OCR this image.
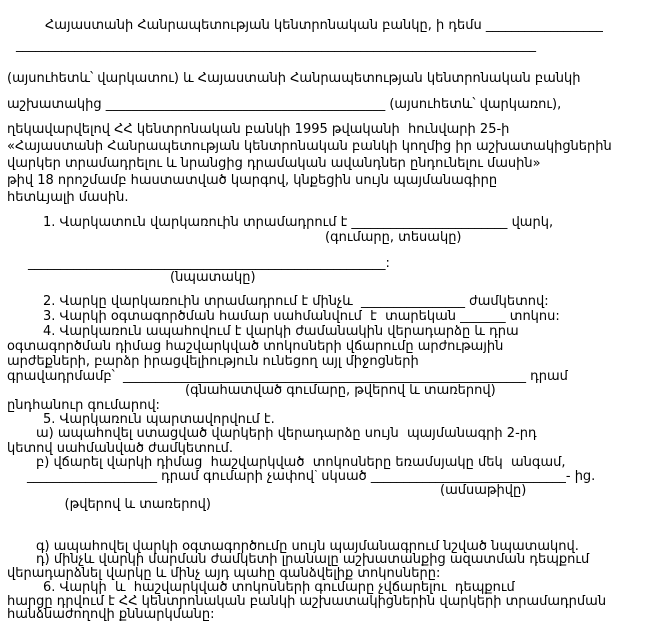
Հայաստանի Հանրապետության կենտրոնական բանկը, ի դեմս __________________
________________________________________________________________________________
(այսուհետև՝ վարկատու) և Հայաստանի Հանրապետության կենտրոնական բանկի
աշխատակից ___________________________________________ (այսուհետև՝ վարկառու),
ղեկավարվելով ՀՀ կենտրոնական բանկի 1995 թվականի  հունվարի 25-ի
«Հայաստանի Հանրապետության կենտրոնական բանկի կողմից իր աշխատակիցներին
վարկեր տրամադրելու և նրանցից դրամական ավանդներ ընդունելու մասին»
թիվ 18 որոշմամբ հաստատված կարգով, կնքեցին սույն պայմանագիրը
հետևյալի մասին.
1. Վարկատուն վարկառուին տրամադրում է ________________________ վարկ,
(գումարը, տեսակը)
_______________________________________________________:
(նպատակը)
2. Վարկը վարկառուին տրամադրում է մինչև  ________________ ժամկետով:
3. Վարկի օգտագործման համար սահմանվում  է  տարեկան _______ տոկոս:
4. Վարկառուն ապահովում է վարկի ժամանակին վերադարձը և դրա
օգտագործման դիմաց հաշվարկված տոկոսների վճարումը արժութային
արժեքների, բարձր իրացվելիություն ունեցող այլ միջոցների
գրավադրմամբ՝  ______________________________________________________________ դրամ
(գնահատված գումարը, թվերով և տառերով)
ընդհանուր գումարով:
5. Վարկառուն պարտավորվում է.
ա) ապահովել ստացված վարկերի վերադարձը սույն  պայմանագրի 2-րդ
կետով սահմանված ժամկետում.
բ) վճարել վարկի դիմաց  հաշվարկված  տոկոսները եռամսյակը մեկ  անգամ,
____________________ դրամ գումարի չափով՝ սկսած ______________________________- ից.

(թվերով և տառերով)

(ամսաթիվը)

գ) ապահովել վարկի օգտագործումը սույն պայմանագրում նշված նպատակով.
դ) մինչև վարկի մարման ժամկետի լրանալը աշխատանքից ազատման դեպքում
վերադարձնել վարկը և մինչ այդ պահը գանձվելիք տոկոսները:
6. Վարկի  և  հաշվարկված տոկոսների գումարը չվճարելու  դեպքում
հարցը դրվում է ՀՀ կենտրոնական բանկի աշխատակիցներին վարկերի տրամադրման
հանձնաժողովի քննարկմանը:
